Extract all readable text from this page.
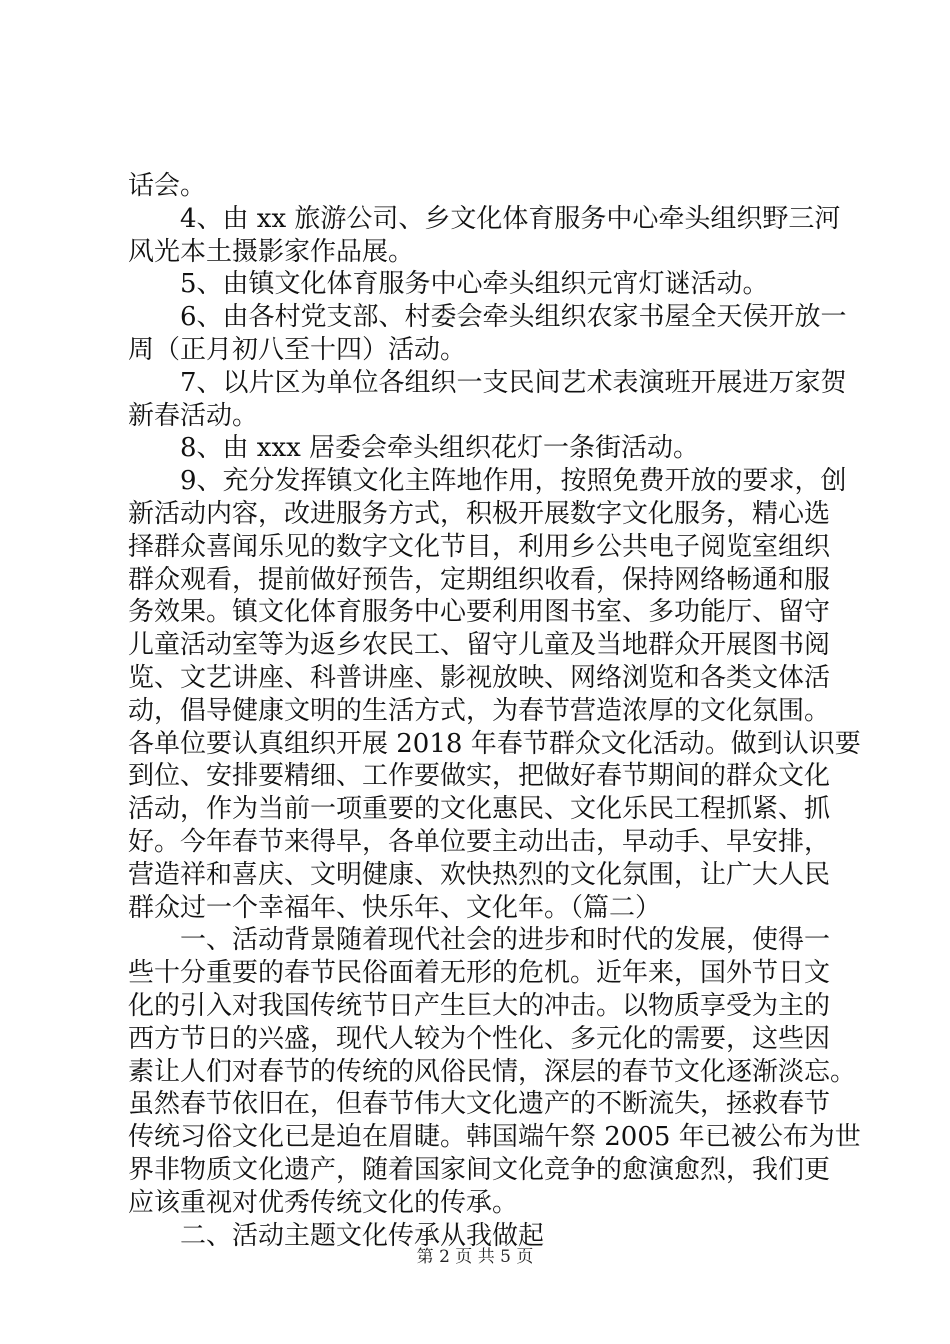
话会。
4、由 xx 旅游公司、乡文化体育服务中心牵头组织野三河
风光本土摄影家作品展。
5、由镇文化体育服务中心牵头组织元宵灯谜活动。
6、由各村党支部、村委会牵头组织农家书屋全天侯开放一
周（正月初八至十四）活动。
7、以片区为单位各组织一支民间艺术表演班开展进万家贺
新春活动。
8、由 xxx 居委会牵头组织花灯一条街活动。
9、充分发挥镇文化主阵地作用，按照免费开放的要求，创
新活动内容，改进服务方式，积极开展数字文化服务，精心选
择群众喜闻乐见的数字文化节目，利用乡公共电子阅览室组织
群众观看，提前做好预告，定期组织收看，保持网络畅通和服
务效果。镇文化体育服务中心要利用图书室、多功能厅、留守
儿童活动室等为返乡农民工、留守儿童及当地群众开展图书阅
览、文艺讲座、科普讲座、影视放映、网络浏览和各类文体活
动，倡导健康文明的生活方式，为春节营造浓厚的文化氛围。
各单位要认真组织开展 2018 年春节群众文化活动。做到认识要
到位、安排要精细、工作要做实，把做好春节期间的群众文化
活动，作为当前一项重要的文化惠民、文化乐民工程抓紧、抓
好。今年春节来得早，各单位要主动出击，早动手、早安排，
营造祥和喜庆、文明健康、欢快热烈的文化氛围，让广大人民
群众过一个幸福年、快乐年、文化年。（篇二）
一、活动背景随着现代社会的进步和时代的发展，使得一
些十分重要的春节民俗面着无形的危机。近年来，国外节日文
化的引入对我国传统节日产生巨大的冲击。以物质享受为主的
西方节日的兴盛，现代人较为个性化、多元化的需要，这些因
素让人们对春节的传统的风俗民情，深层的春节文化逐渐淡忘。
虽然春节依旧在，但春节伟大文化遗产的不断流失，拯救春节
传统习俗文化已是迫在眉睫。韩国端午祭 2005 年已被公布为世
界非物质文化遗产，随着国家间文化竞争的愈演愈烈，我们更
应该重视对优秀传统文化的传承。
二、活动主题文化传承从我做起
第 2 页 共 5 页
